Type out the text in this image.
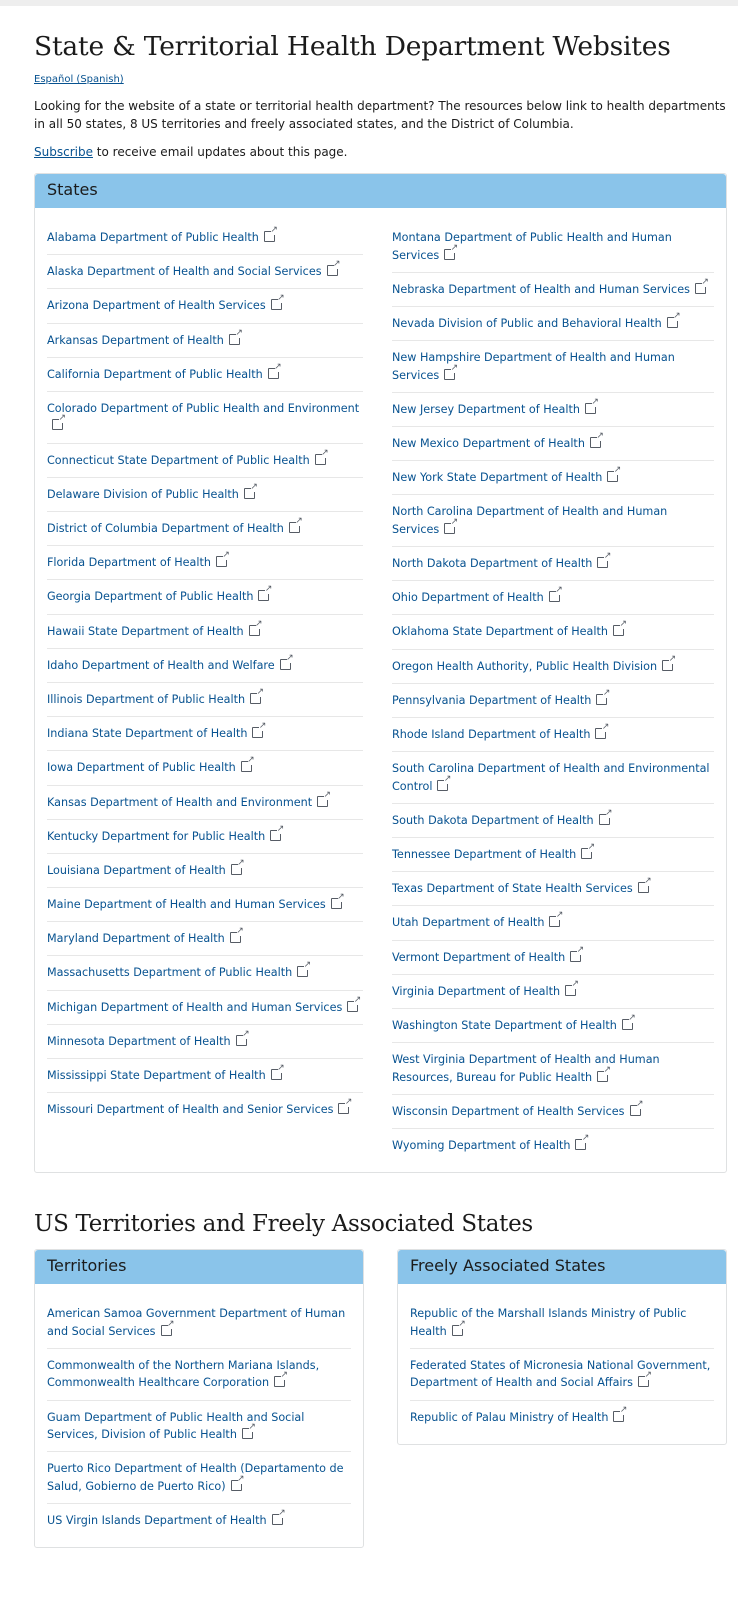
State & Territorial Health Department Websites
Español (Spanish)

Looking for the website of a state or territorial health department? The resources below link to health departments in all 50 states, 8 US territories and freely associated states, and the District of Columbia.

Subscribe to receive email updates about this page.

States
Alabama Department of Public Health↗
Alaska Department of Health and Social Services↗
Arizona Department of Health Services↗
Arkansas Department of Health↗
California Department of Public Health↗
Colorado Department of Public Health and Environment↗
Connecticut State Department of Public Health↗
Delaware Division of Public Health↗
District of Columbia Department of Health↗
Florida Department of Health↗
Georgia Department of Public Health↗
Hawaii State Department of Health↗
Idaho Department of Health and Welfare↗
Illinois Department of Public Health↗
Indiana State Department of Health↗
Iowa Department of Public Health↗
Kansas Department of Health and Environment↗
Kentucky Department for Public Health↗
Louisiana Department of Health↗
Maine Department of Health and Human Services↗
Maryland Department of Health↗
Massachusetts Department of Public Health↗
Michigan Department of Health and Human Services↗
Minnesota Department of Health↗
Mississippi State Department of Health↗
Missouri Department of Health and Senior Services↗
Montana Department of Public Health and Human Services↗
Nebraska Department of Health and Human Services↗
Nevada Division of Public and Behavioral Health↗
New Hampshire Department of Health and Human Services↗
New Jersey Department of Health↗
New Mexico Department of Health↗
New York State Department of Health↗
North Carolina Department of Health and Human Services↗
North Dakota Department of Health↗
Ohio Department of Health↗
Oklahoma State Department of Health↗
Oregon Health Authority, Public Health Division↗
Pennsylvania Department of Health↗
Rhode Island Department of Health↗
South Carolina Department of Health and Environmental Control↗
South Dakota Department of Health↗
Tennessee Department of Health↗
Texas Department of State Health Services↗
Utah Department of Health↗
Vermont Department of Health↗
Virginia Department of Health↗
Washington State Department of Health↗
West Virginia Department of Health and Human Resources, Bureau for Public Health↗
Wisconsin Department of Health Services↗
Wyoming Department of Health↗
US Territories and Freely Associated States
Territories
American Samoa Government Department of Human and Social Services↗
Commonwealth of the Northern Mariana Islands, Commonwealth Healthcare Corporation↗
Guam Department of Public Health and Social Services, Division of Public Health↗
Puerto Rico Department of Health (Departamento de Salud, Gobierno de Puerto Rico)↗
US Virgin Islands Department of Health↗
Freely Associated States
Republic of the Marshall Islands Ministry of Public Health↗
Federated States of Micronesia National Government, Department of Health and Social Affairs↗
Republic of Palau Ministry of Health↗
